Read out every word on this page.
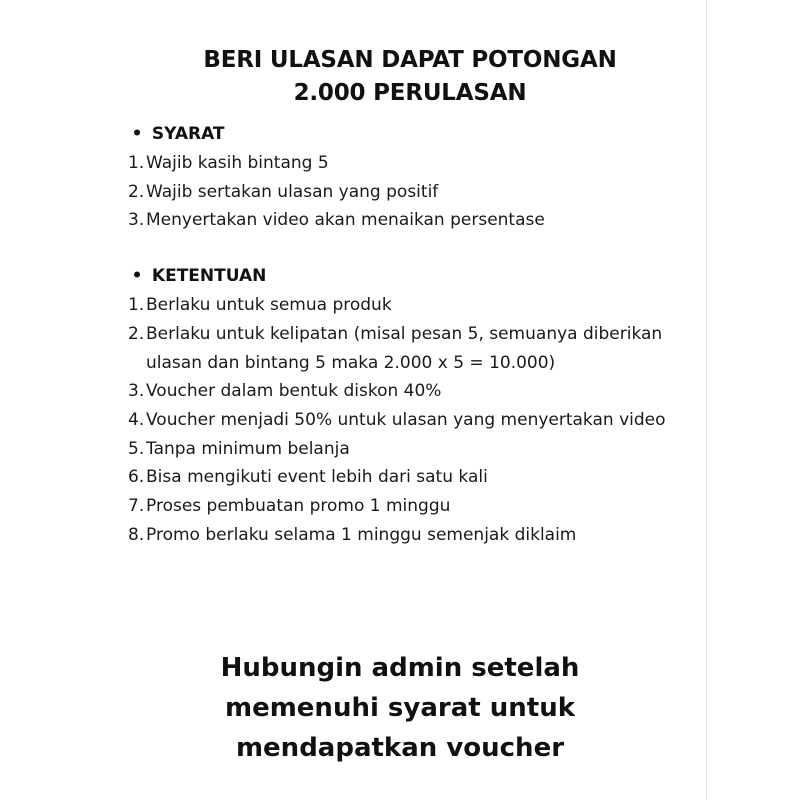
BERI ULASAN DAPAT POTONGAN
2.000 PERULASAN
• SYARAT
1. Wajib kasih bintang 5
2. Wajib sertakan ulasan yang positif
3. Menyertakan video akan menaikan persentase
• KETENTUAN
1. Berlaku untuk semua produk
2. Berlaku untuk kelipatan (misal pesan 5, semuanya diberikan ulasan dan bintang 5 maka 2.000 x 5 = 10.000)
3. Voucher dalam bentuk diskon 40%
4. Voucher menjadi 50% untuk ulasan yang menyertakan video
5. Tanpa minimum belanja
6. Bisa mengikuti event lebih dari satu kali
7. Proses pembuatan promo 1 minggu
8. Promo berlaku selama 1 minggu semenjak diklaim
Hubungin admin setelah
memenuhi syarat untuk
mendapatkan voucher
